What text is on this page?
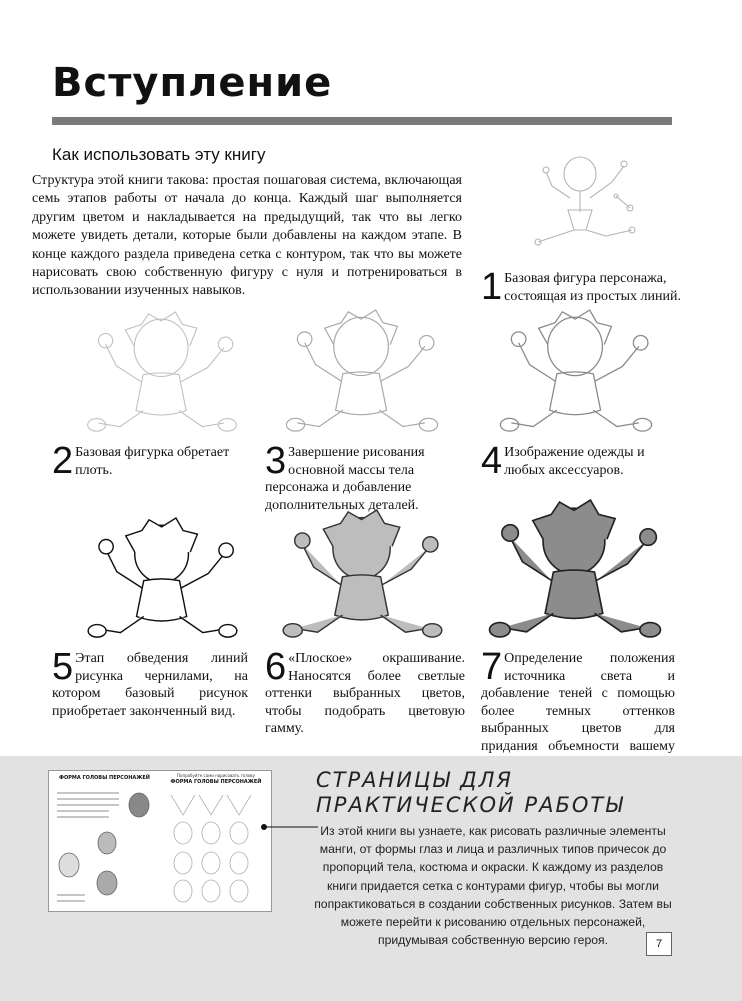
Вступление
Как использовать эту книгу
Структура этой книги такова: простая пошаговая система, включающая семь этапов работы от начала до конца. Каждый шаг выполняется другим цветом и накладывается на предыдущий, так что вы легко можете увидеть детали, которые были добавлены на каждом этапе. В конце каждого раздела приведена сетка с контуром, так что вы можете нарисовать свою собственную фигуру с нуля и потренироваться в использовании изученных навыков.	1 Базовая фигура персонажа, состоящая из простых линий.
2 Базовая фигурка обретает плоть.	3 Завершение рисования основной массы тела персонажа и добавление дополнительных деталей.
4 Изображение одежды и любых аксессуаров.
5 Этап обведения линий рисунка чернилами, на котором базовый рисунок приобретает законченный вид.
6 «Плоское» окрашивание. Наносятся более светлые оттенки выбранных цветов, чтобы подобрать цветовую гамму.
7 Определение положения источника света и добавление теней с помощью более темных оттенков выбранных цветов для придания объемности вашему
ФОРМА ГОЛОВЫ ПЕРСОНАЖЕЙ	Попробуйте сами нарисовать голову
ФОРМА ГОЛОВЫ ПЕРСОНАЖЕЙ	СТРАНИЦЫ ДЛЯ ПРАКТИЧЕСКОЙ РАБОТЫ
Из этой книги вы узнаете, как рисовать различные элементы манги, от формы глаз и лица и различных типов причесок до пропорций тела, костюма и окраски. К каждому из разделов книги придается сетка с контурами фигур, чтобы вы могли попрактиковаться в создании собственных рисунков. Затем вы можете перейти к рисованию отдельных персонажей, придумывая собственную версию героя.	7
